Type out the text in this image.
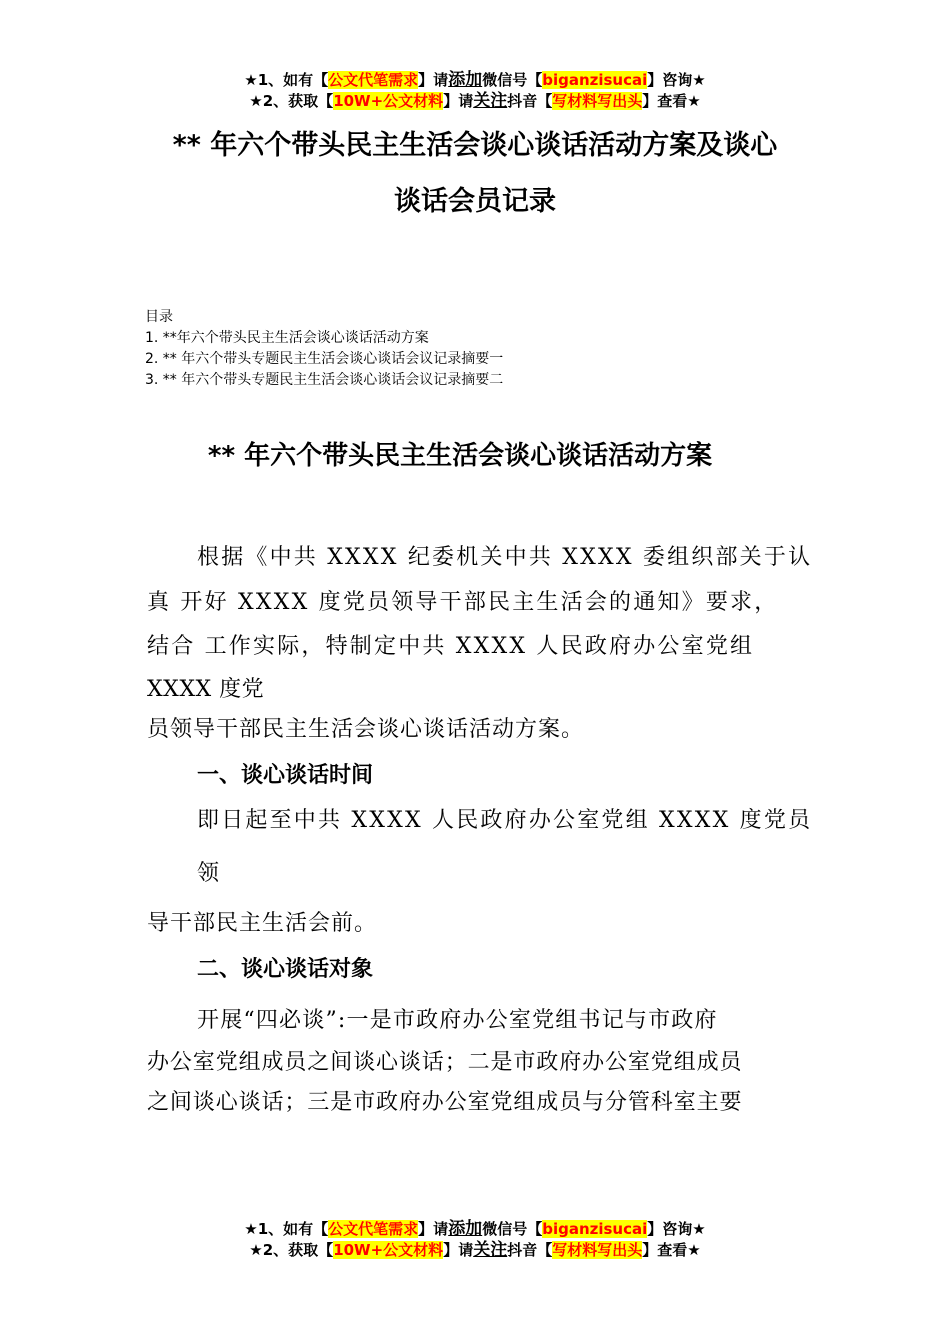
★1、如有【公文代笔需求】请添加微信号【biganzisucai】咨询★
★2、获取【10W+公文材料】请关注抖音【写材料写出头】查看★
** 年六个带头民主生活会谈心谈话活动方案及谈心
谈话会员记录
目录
1. **年六个带头民主生活会谈心谈话活动方案
2. ** 年六个带头专题民主生活会谈心谈话会议记录摘要一
3. ** 年六个带头专题民主生活会谈心谈话会议记录摘要二
** 年六个带头民主生活会谈心谈话活动方案
根据《中共 XXXX 纪委机关中共 XXXX 委组织部关于认
真 开好 XXXX 度党员领导干部民主生活会的通知》要求，
结合 工作实际，特制定中共 XXXX 人民政府办公室党组
XXXX 度党
员领导干部民主生活会谈心谈话活动方案。
一、谈心谈话时间
即日起至中共 XXXX 人民政府办公室党组 XXXX 度党员
领
导干部民主生活会前。
二、谈心谈话对象
开展“四必谈”:一是市政府办公室党组书记与市政府
办公室党组成员之间谈心谈话；二是市政府办公室党组成员
之间谈心谈话；三是市政府办公室党组成员与分管科室主要
★1、如有【公文代笔需求】请添加微信号【biganzisucai】咨询★
★2、获取【10W+公文材料】请关注抖音【写材料写出头】查看★
